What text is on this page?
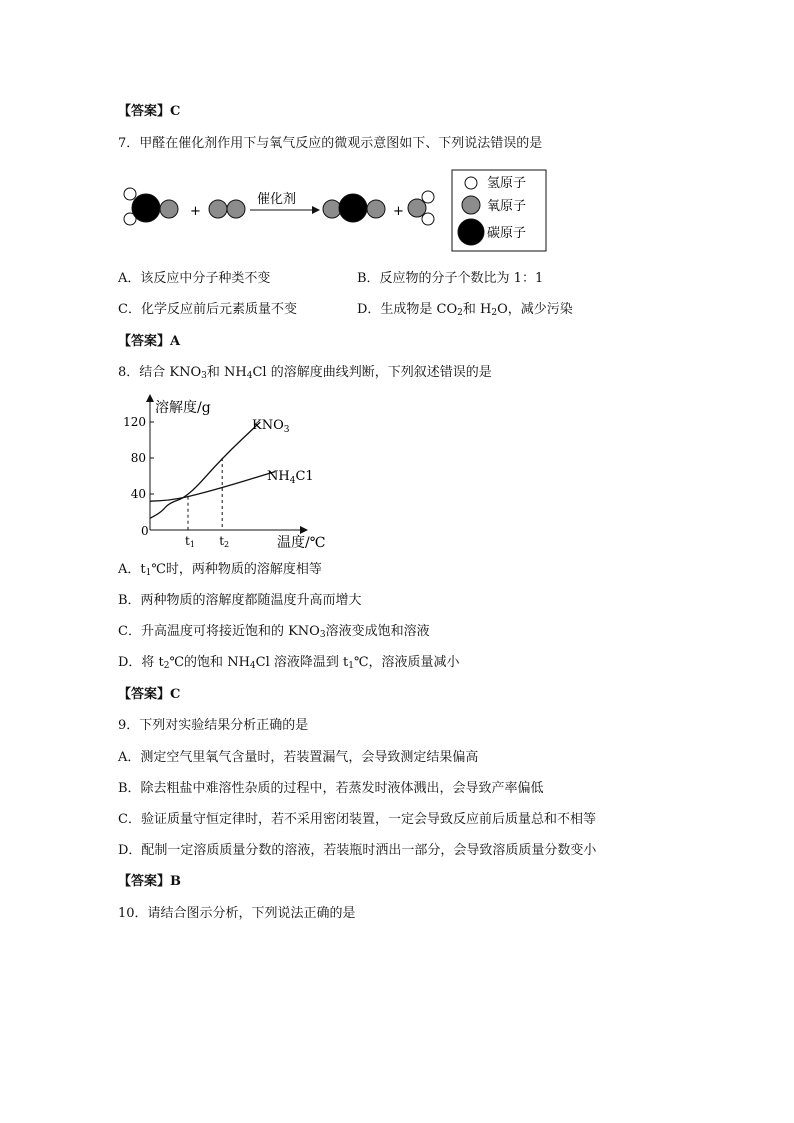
【答案】C
7．甲醛在催化剂作用下与氧气反应的微观示意图如下、下列说法错误的是
+
催化剂
+
氢原子
氧原子
碳原子
A．该反应中分子种类不变	B．反应物的分子个数比为 1：1
C．化学反应前后元素质量不变	D．生成物是 $CO_2$和 $H_2O$，减少污染
【答案】A
8．结合 $KNO_3$和 $NH_4Cl$ 的溶解度曲线判断，下列叙述错误的是
溶解度/g
温度/℃
0
40
80
120
t1 t2
$KNO_3$
$NH_4C1$
A．$t_1℃$时，两种物质的溶解度相等
B．两种物质的溶解度都随温度升高而增大
C．升高温度可将接近饱和的 $KNO_3$溶液变成饱和溶液
D．将 $t_2℃$的饱和 $NH_4Cl$ 溶液降温到 $t_1℃$，溶液质量减小
【答案】C
9．下列对实验结果分析正确的是
A．测定空气里氧气含量时，若装置漏气，会导致测定结果偏高
B．除去粗盐中难溶性杂质的过程中，若蒸发时液体溅出，会导致产率偏低
C．验证质量守恒定律时，若不采用密闭装置，一定会导致反应前后质量总和不相等
D．配制一定溶质质量分数的溶液，若装瓶时洒出一部分，会导致溶质质量分数变小
【答案】B
10．请结合图示分析，下列说法正确的是
